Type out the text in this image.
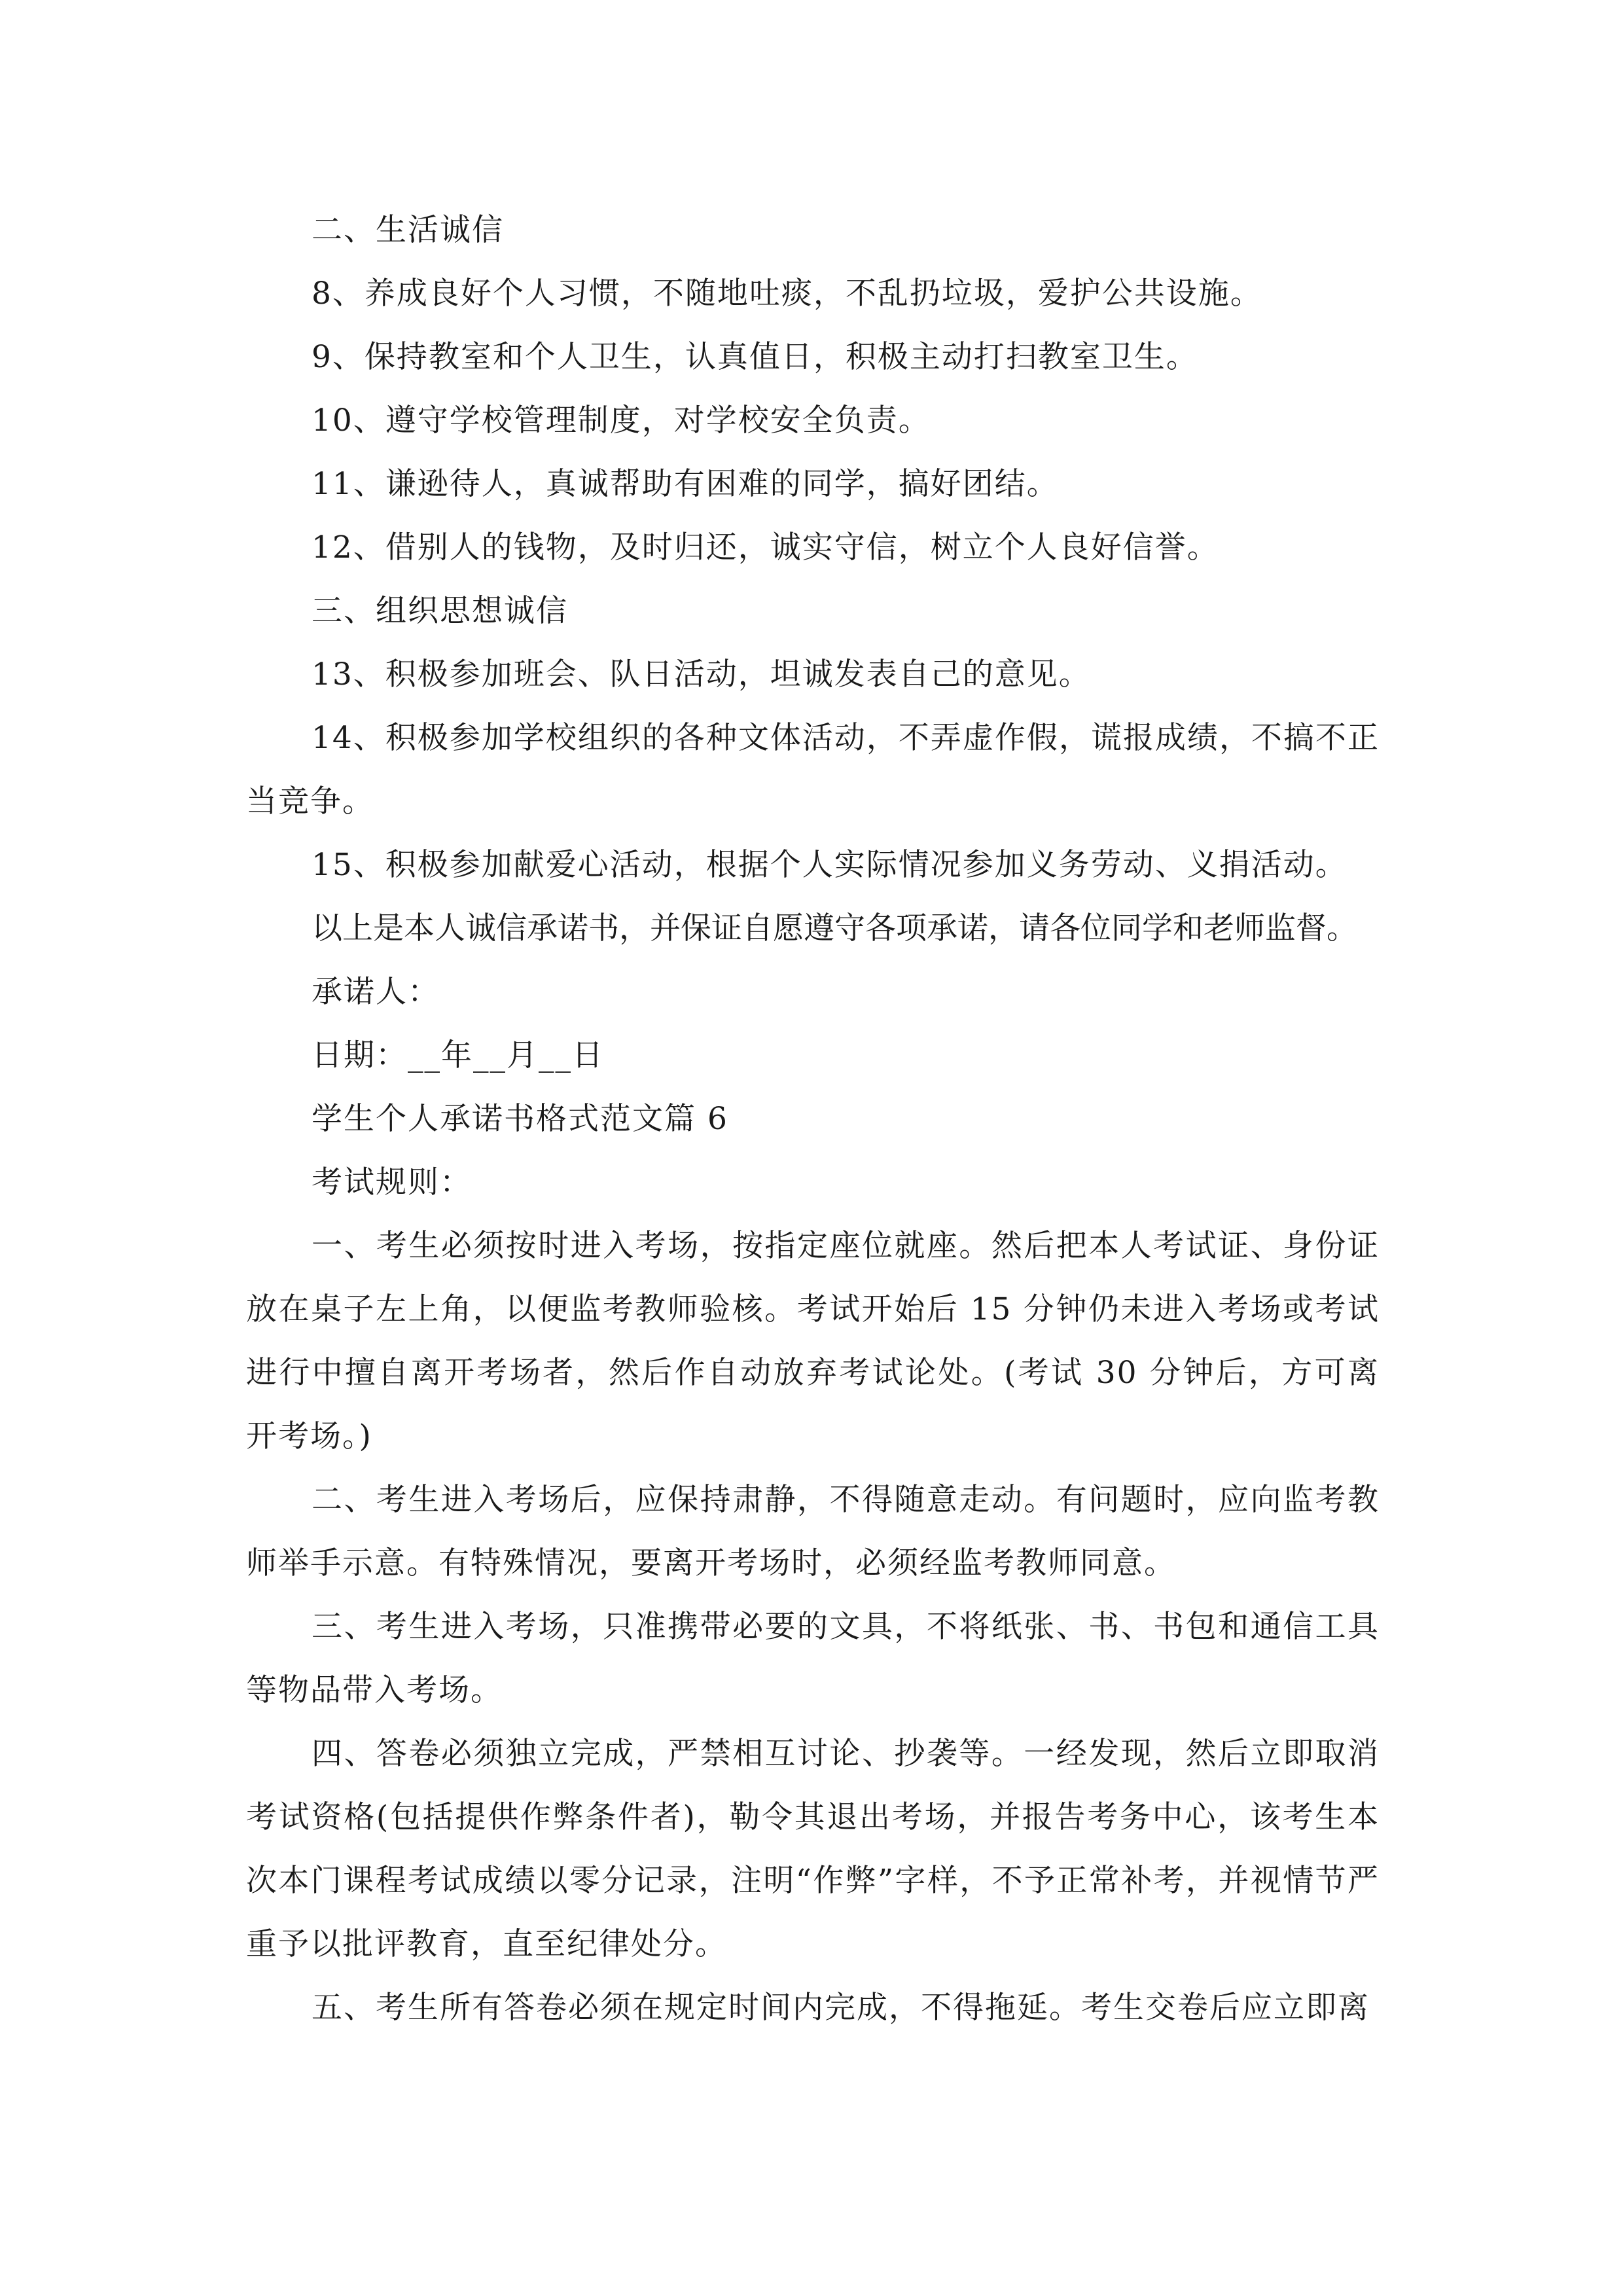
二、生活诚信
8、养成良好个人习惯，不随地吐痰，不乱扔垃圾，爱护公共设施。
9、保持教室和个人卫生，认真值日，积极主动打扫教室卫生。
10、遵守学校管理制度，对学校安全负责。
11、谦逊待人，真诚帮助有困难的同学，搞好团结。
12、借别人的钱物，及时归还，诚实守信，树立个人良好信誉。
三、组织思想诚信
13、积极参加班会、队日活动，坦诚发表自己的意见。
14、积极参加学校组织的各种文体活动，不弄虚作假，谎报成绩，不搞不正当竞争。
15、积极参加献爱心活动，根据个人实际情况参加义务劳动、义捐活动。
以上是本人诚信承诺书，并保证自愿遵守各项承诺，请各位同学和老师监督。
承诺人：
日期：__年__月__日
学生个人承诺书格式范文篇 6
考试规则：
一、考生必须按时进入考场，按指定座位就座。然后把本人考试证、身份证放在桌子左上角，以便监考教师验核。考试开始后 15 分钟仍未进入考场或考试进行中擅自离开考场者，然后作自动放弃考试论处。(考试 30 分钟后，方可离开考场。)
二、考生进入考场后，应保持肃静，不得随意走动。有问题时，应向监考教师举手示意。有特殊情况，要离开考场时，必须经监考教师同意。
三、考生进入考场，只准携带必要的文具，不将纸张、书、书包和通信工具等物品带入考场。
四、答卷必须独立完成，严禁相互讨论、抄袭等。一经发现，然后立即取消考试资格(包括提供作弊条件者)，勒令其退出考场，并报告考务中心，该考生本次本门课程考试成绩以零分记录，注明“作弊”字样，不予正常补考，并视情节严重予以批评教育，直至纪律处分。
五、考生所有答卷必须在规定时间内完成，不得拖延。考生交卷后应立即离
